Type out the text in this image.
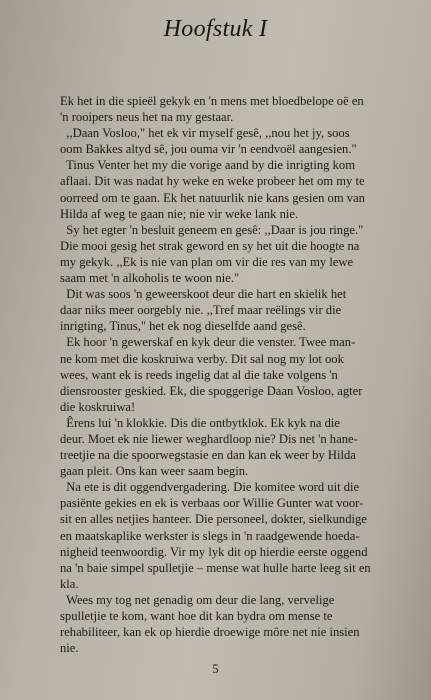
Hoofstuk I
Ek het in die spieël gekyk en 'n mens met bloedbelope oë en
'n rooipers neus het na my gestaar.
,,Daan Vosloo," het ek vir myself gesê, ,,nou het jy, soos
oom Bakkes altyd sê, jou ouma vir 'n eendvoël aangesien."
Tinus Venter het my die vorige aand by die inrigting kom
aflaai. Dit was nadat hy weke en weke probeer het om my te
oorreed om te gaan. Ek het natuurlik nie kans gesien om van
Hilda af weg te gaan nie; nie vir weke lank nie.
Sy het egter 'n besluit geneem en gesê: ,,Daar is jou ringe."
Die mooi gesig het strak geword en sy het uit die hoogte na
my gekyk. ,,Ek is nie van plan om vir die res van my lewe
saam met 'n alkoholis te woon nie."
Dit was soos 'n geweerskoot deur die hart en skielik het
daar niks meer oorgebly nie. ,,Tref maar reëlings vir die
inrigting, Tinus," het ek nog dieselfde aand gesê.
Ek hoor 'n gewerskaf en kyk deur die venster. Twee man-
ne kom met die koskruiwa verby. Dit sal nog my lot ook
wees, want ek is reeds ingelig dat al die take volgens 'n
diensrooster geskied. Ek, die spoggerige Daan Vosloo, agter
die koskruiwa!
Êrens lui 'n klokkie. Dis die ontbytklok. Ek kyk na die
deur. Moet ek nie liewer weghardloop nie? Dis net 'n hane-
treetjie na die spoorwegstasie en dan kan ek weer by Hilda
gaan pleit. Ons kan weer saam begin.
Na ete is dit oggendvergadering. Die komitee word uit die
pasiënte gekies en ek is verbaas oor Willie Gunter wat voor-
sit en alles netjies hanteer. Die personeel, dokter, sielkundige
en maatskaplike werkster is slegs in 'n raadgewende hoeda-
nigheid teenwoordig. Vir my lyk dit op hierdie eerste oggend
na 'n baie simpel spulletjie – mense wat hulle harte leeg sit en
kla.
Wees my tog net genadig om deur die lang, vervelige
spulletjie te kom, want hoe dit kan bydra om mense te
rehabiliteer, kan ek op hierdie droewige môre net nie insien
nie.
5
